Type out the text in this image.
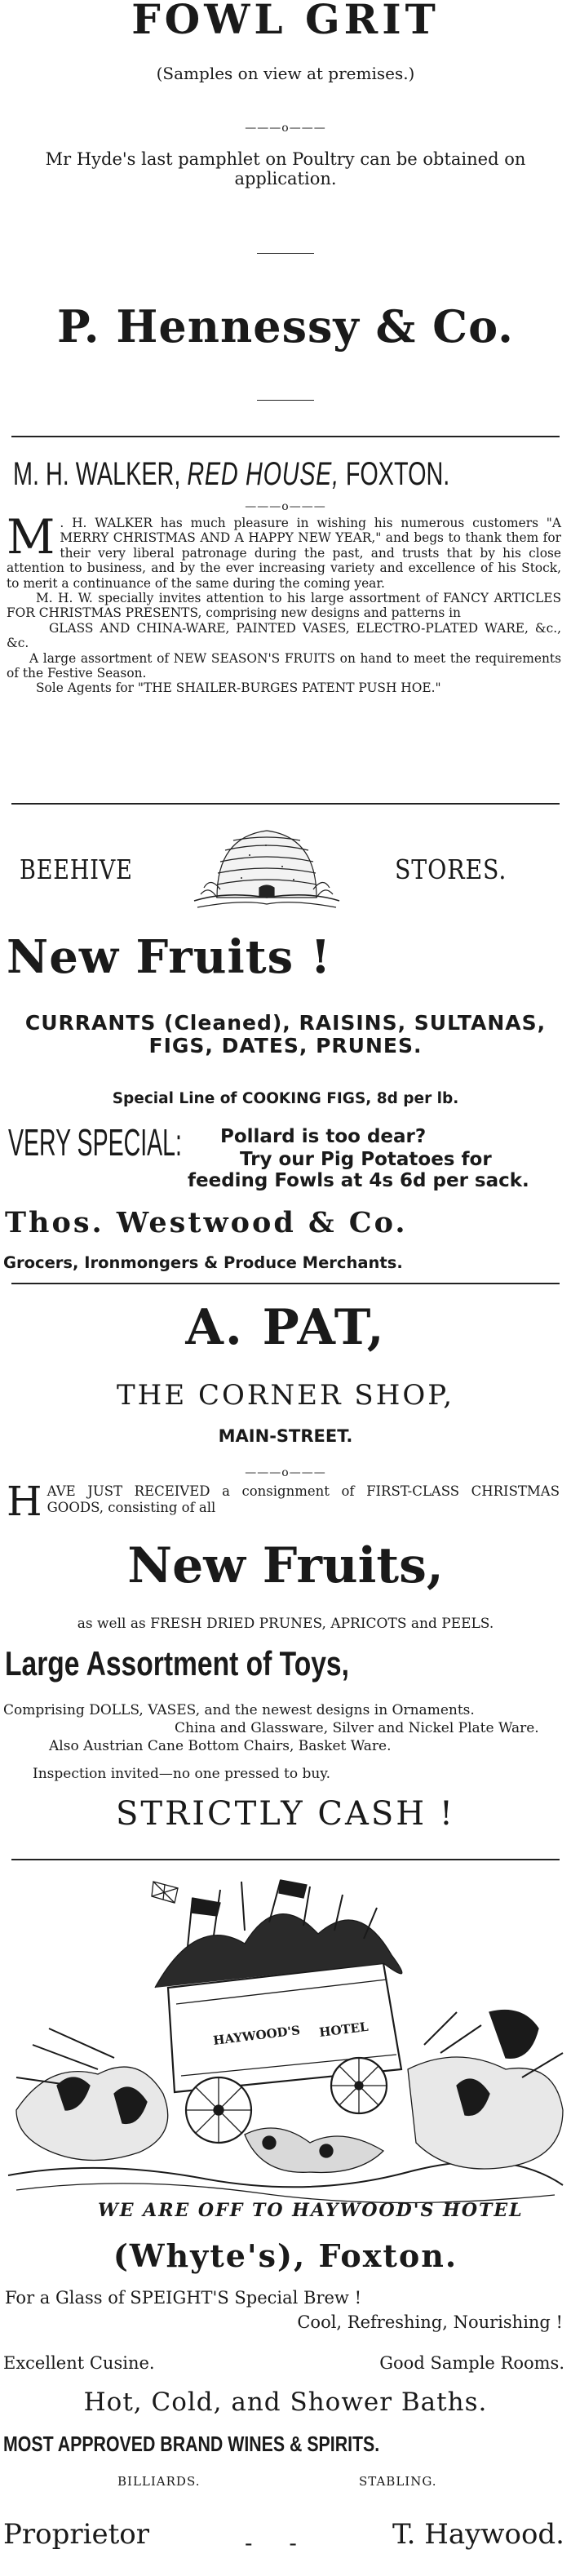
FOWL GRIT
(Samples on view at premises.)
———o———
Mr Hyde's last pamphlet on Poultry can be obtained on application.
P. Hennessy & Co.
M. H. WALKER, RED HOUSE, FOXTON.
———o———

M . H. WALKER has much pleasure in wishing his numerous customers "A MERRY CHRISTMAS AND A HAPPY NEW YEAR," and begs to thank them for their very liberal patronage during the past, and trusts that by his close attention to business, and by the ever increasing variety and excellence of his Stock, to merit a continuance of the same during the coming year.

M. H. W. specially invites attention to his large assortment of FANCY ARTICLES FOR CHRISTMAS PRESENTS, comprising new designs and patterns in

GLASS AND CHINA-WARE, PAINTED VASES, ELECTRO-PLATED WARE, &c., &c.

A large assortment of NEW SEASON'S FRUITS on hand to meet the requirements of the Festive Season.

Sole Agents for "THE SHAILER-BURGES PATENT PUSH HOE."

BEEHIVE	STORES.
New Fruits !
CURRANTS (Cleaned), RAISINS, SULTANAS, FIGS, DATES, PRUNES.
Special Line of COOKING FIGS, 8d per lb.
VERY SPECIAL:	Pollard is too dear?
Try our Pig Potatoes for
feeding Fowls at 4s 6d per sack.
Thos. Westwood & Co.
Grocers, Ironmongers & Produce Merchants.
A. PAT,
THE CORNER SHOP,
MAIN-STREET.
———o———
HAVE JUST RECEIVED a consignment of FIRST-CLASS CHRISTMAS GOODS, consisting of all
New Fruits,
as well as FRESH DRIED PRUNES, APRICOTS and PEELS.
Large Assortment of Toys,
Comprising DOLLS, VASES, and the newest designs in Ornaments.
China and Glassware, Silver and Nickel Plate Ware.
Also Austrian Cane Bottom Chairs, Basket Ware.
Inspection invited—no one pressed to buy.
STRICTLY CASH !
HAYWOOD'S HOTEL
WE ARE OFF TO HAYWOOD'S HOTEL
(Whyte's), Foxton.
For a Glass of SPEIGHT'S Special Brew !
Cool, Refreshing, Nourishing !
Excellent Cusine.	Good Sample Rooms.
Hot, Cold, and Shower Baths.
MOST APPROVED BRAND WINES & SPIRITS.
BILLIARDS.	STABLING.
Proprietor	- -	T. Haywood.
